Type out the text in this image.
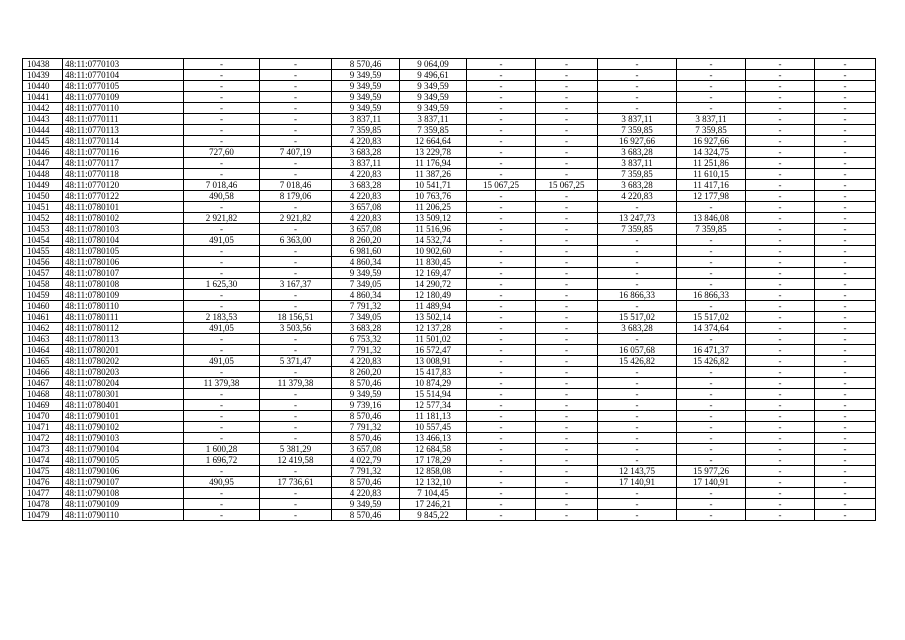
10438	48:11:0770103	-	-	8 570,46	9 064,09	-	-	-	-	-	-
10439	48:11:0770104	-	-	9 349,59	9 496,61	-	-	-	-	-	-
10440	48:11:0770105	-	-	9 349,59	9 349,59	-	-	-	-	-	-
10441	48:11:0770109	-	-	9 349,59	9 349,59	-	-	-	-	-	-
10442	48:11:0770110	-	-	9 349,59	9 349,59	-	-	-	-	-	-
10443	48:11:0770111	-	-	3 837,11	3 837,11	-	-	3 837,11	3 837,11	-	-
10444	48:11:0770113	-	-	7 359,85	7 359,85	-	-	7 359,85	7 359,85	-	-
10445	48:11:0770114	-	-	4 220,83	12 664,64	-	-	16 927,66	16 927,66	-	-
10446	48:11:0770116	727,60	7 407,19	3 683,28	13 229,78	-	-	3 683,28	14 324,75	-	-
10447	48:11:0770117	-	-	3 837,11	11 176,94	-	-	3 837,11	11 251,86	-	-
10448	48:11:0770118	-	-	4 220,83	11 387,26	-	-	7 359,85	11 610,15	-	-
10449	48:11:0770120	7 018,46	7 018,46	3 683,28	10 541,71	15 067,25	15 067,25	3 683,28	11 417,16	-	-
10450	48:11:0770122	490,58	8 179,06	4 220,83	10 763,76	-	-	4 220,83	12 177,98	-	-
10451	48:11:0780101	-	-	3 657,08	11 206,25	-	-	-	-	-	-
10452	48:11:0780102	2 921,82	2 921,82	4 220,83	13 509,12	-	-	13 247,73	13 846,08	-	-
10453	48:11:0780103	-	-	3 657,08	11 516,96	-	-	7 359,85	7 359,85	-	-
10454	48:11:0780104	491,05	6 363,00	8 260,20	14 532,74	-	-	-	-	-	-
10455	48:11:0780105	-	-	6 981,60	10 902,60	-	-	-	-	-	-
10456	48:11:0780106	-	-	4 860,34	11 830,45	-	-	-	-	-	-
10457	48:11:0780107	-	-	9 349,59	12 169,47	-	-	-	-	-	-
10458	48:11:0780108	1 625,30	3 167,37	7 349,05	14 290,72	-	-	-	-	-	-
10459	48:11:0780109	-	-	4 860,34	12 180,49	-	-	16 866,33	16 866,33	-	-
10460	48:11:0780110	-	-	7 791,32	11 489,94	-	-	-	-	-	-
10461	48:11:0780111	2 183,53	18 156,51	7 349,05	13 502,14	-	-	15 517,02	15 517,02	-	-
10462	48:11:0780112	491,05	3 503,56	3 683,28	12 137,28	-	-	3 683,28	14 374,64	-	-
10463	48:11:0780113	-	-	6 753,32	11 501,02	-	-	-	-	-	-
10464	48:11:0780201	-	-	7 791,32	16 572,47	-	-	16 057,68	16 471,37	-	-
10465	48:11:0780202	491,05	5 371,47	4 220,83	13 008,91	-	-	15 426,82	15 426,82	-	-
10466	48:11:0780203	-	-	8 260,20	15 417,83	-	-	-	-	-	-
10467	48:11:0780204	11 379,38	11 379,38	8 570,46	10 874,29	-	-	-	-	-	-
10468	48:11:0780301	-	-	9 349,59	15 514,94	-	-	-	-	-	-
10469	48:11:0780401	-	-	9 739,16	12 577,34	-	-	-	-	-	-
10470	48:11:0790101	-	-	8 570,46	11 181,13	-	-	-	-	-	-
10471	48:11:0790102	-	-	7 791,32	10 557,45	-	-	-	-	-	-
10472	48:11:0790103	-	-	8 570,46	13 466,13	-	-	-	-	-	-
10473	48:11:0790104	1 600,28	5 381,29	3 657,08	12 684,58	-	-	-	-	-	-
10474	48:11:0790105	1 696,72	12 419,58	4 022,79	17 178,29	-	-	-	-	-	-
10475	48:11:0790106	-	-	7 791,32	12 858,08	-	-	12 143,75	15 977,26	-	-
10476	48:11:0790107	490,95	17 736,61	8 570,46	12 132,10	-	-	17 140,91	17 140,91	-	-
10477	48:11:0790108	-	-	4 220,83	7 104,45	-	-	-	-	-	-
10478	48:11:0790109	-	-	9 349,59	17 246,21	-	-	-	-	-	-
10479	48:11:0790110	-	-	8 570,46	9 845,22	-	-	-	-	-	-
